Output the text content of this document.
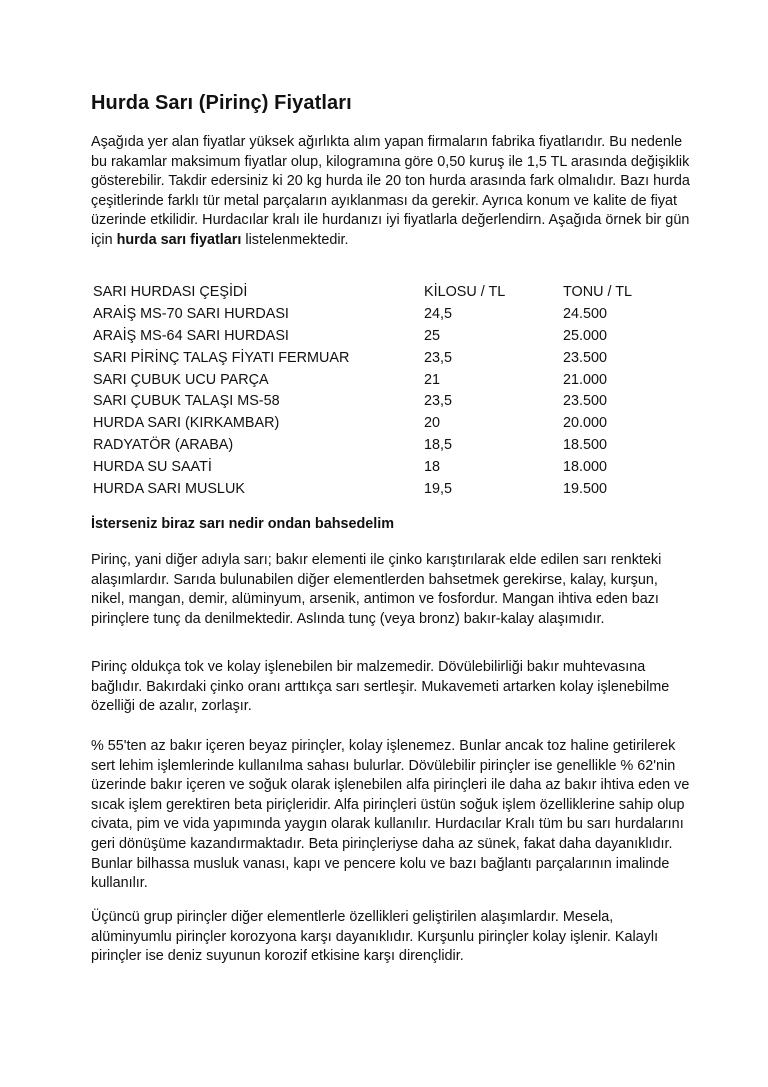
Hurda Sarı (Pirinç) Fiyatları

Aşağıda yer alan fiyatlar yüksek ağırlıkta alım yapan firmaların fabrika fiyatlarıdır. Bu nedenle bu rakamlar maksimum fiyatlar olup, kilogramına göre 0,50 kuruş ile 1,5 TL arasında değişiklik gösterebilir. Takdir edersiniz ki 20 kg hurda ile 20 ton hurda arasında fark olmalıdır. Bazı hurda çeşitlerinde farklı tür metal parçaların ayıklanması da gerekir. Ayrıca konum ve kalite de fiyat üzerinde etkilidir. Hurdacılar kralı ile hurdanızı iyi fiyatlarla değerlendirn. Aşağıda örnek bir gün için hurda sarı fiyatları listelenmektedir.

SARI HURDASI ÇEŞİDİ	KİLOSU / TL	TONU / TL
ARAİŞ MS-70 SARI HURDASI	24,5	24.500
ARAİŞ MS-64 SARI HURDASI	25	25.000
SARI PİRİNÇ TALAŞ FİYATI FERMUAR	23,5	23.500
SARI ÇUBUK UCU PARÇA	21	21.000
SARI ÇUBUK TALAŞI MS-58	23,5	23.500
HURDA SARI (KIRKAMBAR)	20	20.000
RADYATÖR (ARABA)	18,5	18.500
HURDA SU SAATİ	18	18.000
HURDA SARI MUSLUK	19,5	19.500
İsterseniz biraz sarı nedir ondan bahsedelim

Pirinç, yani diğer adıyla sarı; bakır elementi ile çinko karıştırılarak elde edilen sarı renkteki alaşımlardır. Sarıda bulunabilen diğer elementlerden bahsetmek gerekirse, kalay, kurşun, nikel, mangan, demir, alüminyum, arsenik, antimon ve fosfordur. Mangan ihtiva eden bazı pirinçlere tunç da denilmektedir. Aslında tunç (veya bronz) bakır-kalay alaşımıdır.

Pirinç oldukça tok ve kolay işlenebilen bir malzemedir. Dövülebilirliği bakır muhtevasına bağlıdır. Bakırdaki çinko oranı arttıkça sarı sertleşir. Mukavemeti artarken kolay işlenebilme özelliği de azalır, zorlaşır.

% 55'ten az bakır içeren beyaz pirinçler, kolay işlenemez. Bunlar ancak toz haline getirilerek sert lehim işlemlerinde kullanılma sahası bulurlar. Dövülebilir pirinçler ise genellikle % 62'nin üzerinde bakır içeren ve soğuk olarak işlenebilen alfa pirinçleri ile daha az bakır ihtiva eden ve sıcak işlem gerektiren beta piriçleridir. Alfa pirinçleri üstün soğuk işlem özelliklerine sahip olup civata, pim ve vida yapımında yaygın olarak kullanılır. Hurdacılar Kralı tüm bu sarı hurdalarını geri dönüşüme kazandırmaktadır. Beta pirinçleriyse daha az sünek, fakat daha dayanıklıdır. Bunlar bilhassa musluk vanası, kapı ve pencere kolu ve bazı bağlantı parçalarının imalinde kullanılır.

Üçüncü grup pirinçler diğer elementlerle özellikleri geliştirilen alaşımlardır. Mesela, alüminyumlu pirinçler korozyona karşı dayanıklıdır. Kurşunlu pirinçler kolay işlenir. Kalaylı pirinçler ise deniz suyunun korozif etkisine karşı dirençlidir.
